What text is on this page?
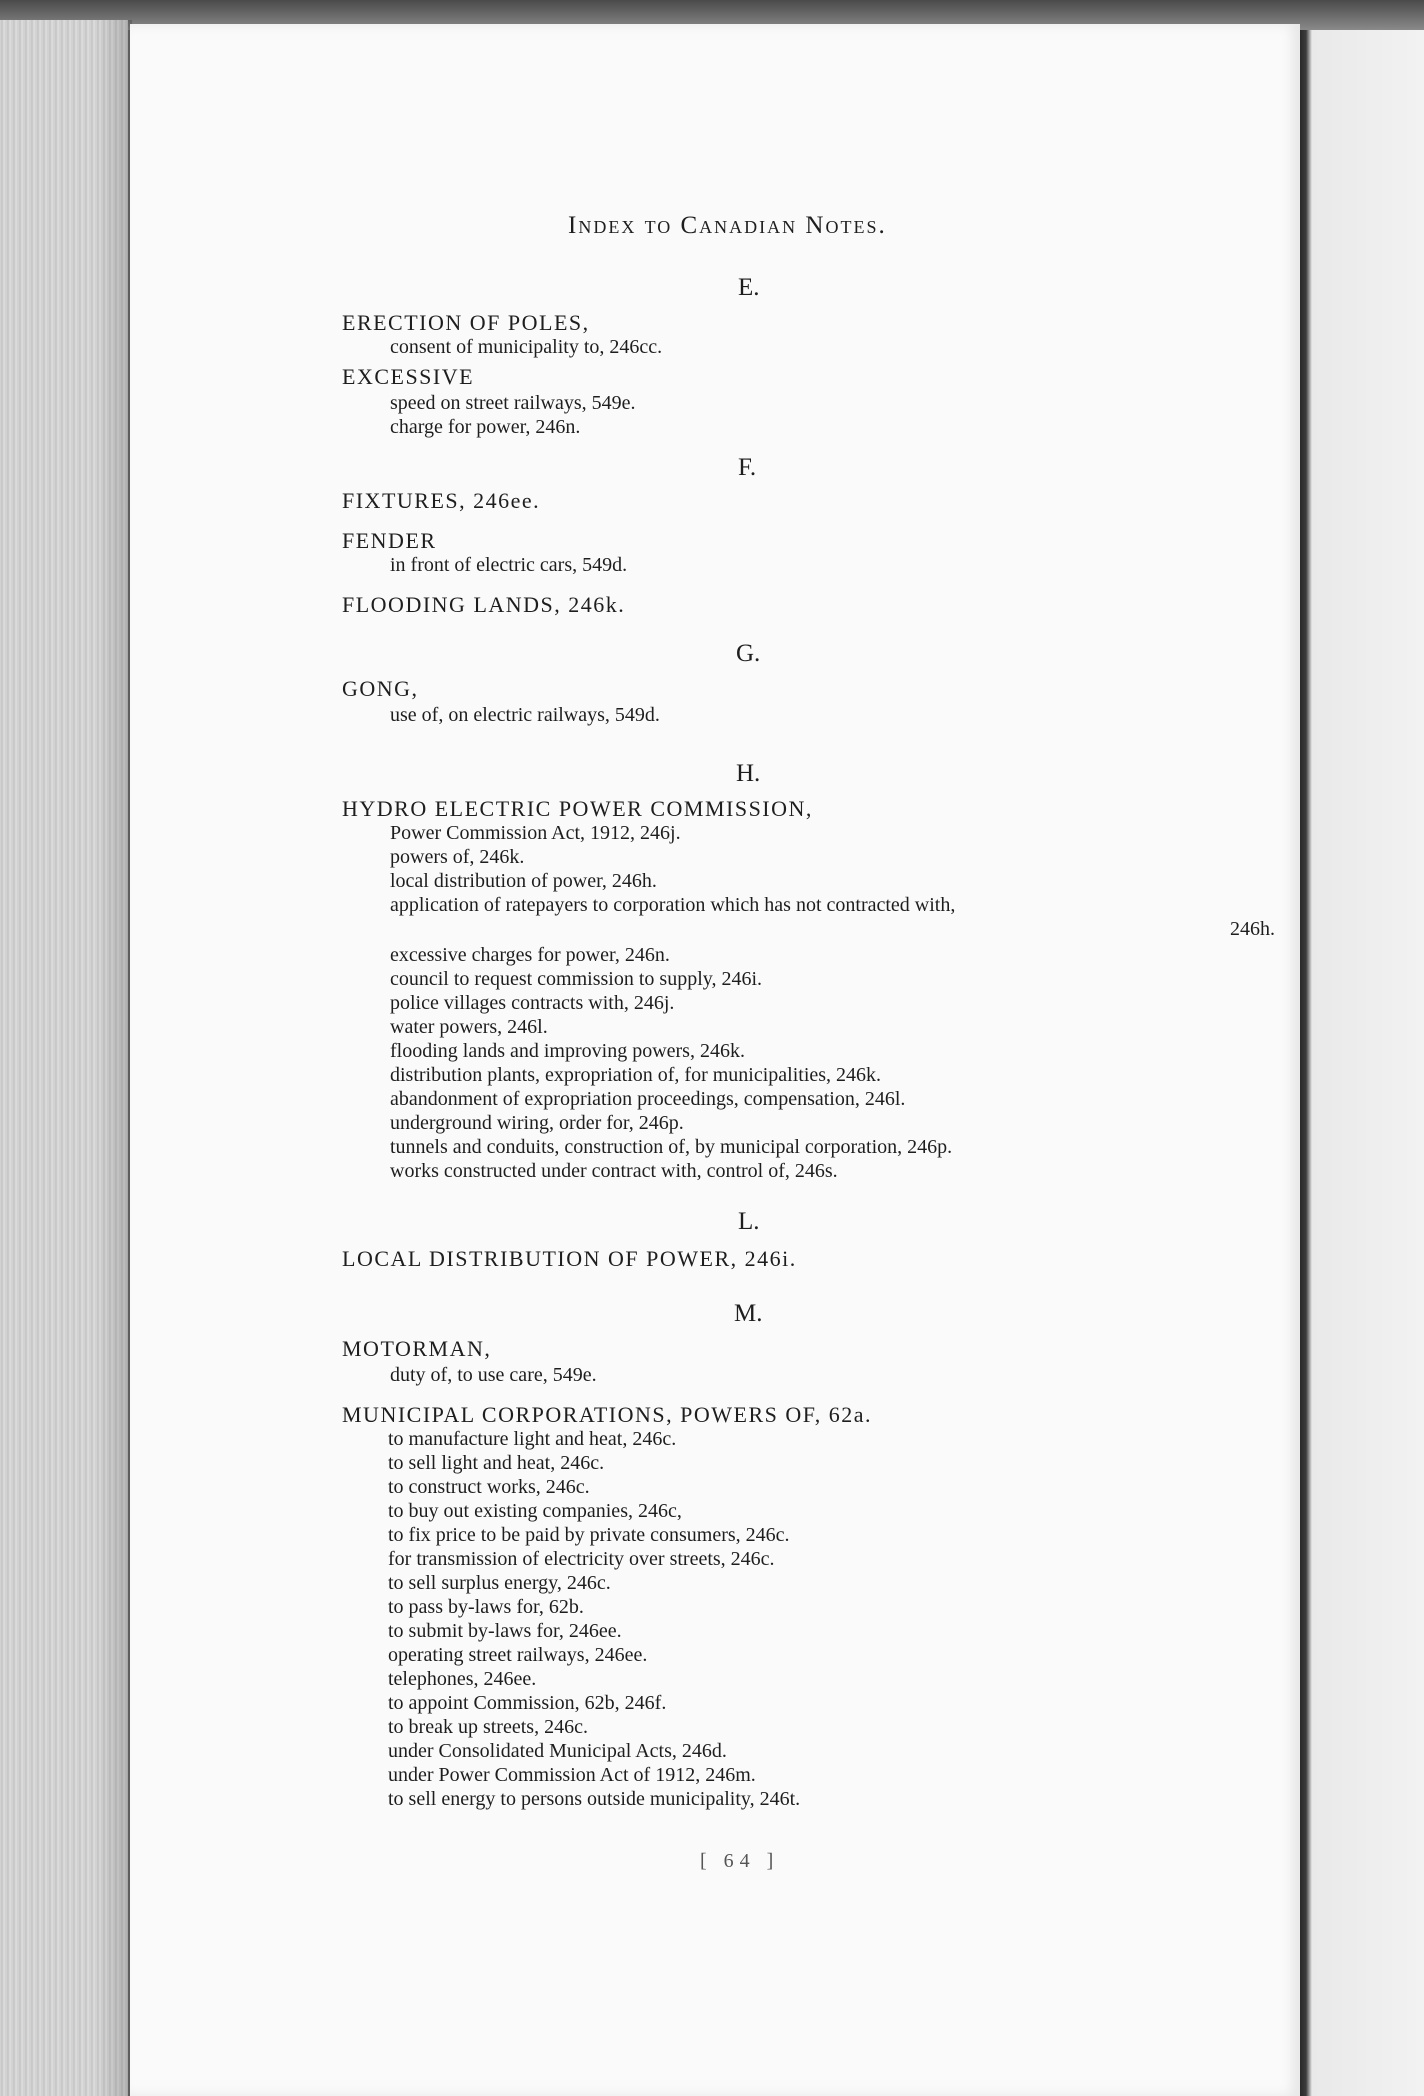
Index to Canadian Notes.
E.
ERECTION OF POLES,
consent of municipality to, 246cc.
EXCESSIVE
speed on street railways, 549e.
charge for power, 246n.
F.
FIXTURES, 246ee.
FENDER
in front of electric cars, 549d.
FLOODING LANDS, 246k.
G.
GONG,
use of, on electric railways, 549d.
H.
HYDRO ELECTRIC POWER COMMISSION,
Power Commission Act, 1912, 246j.
powers of, 246k.
local distribution of power, 246h.
application of ratepayers to corporation which has not contracted with,
246h.
excessive charges for power, 246n.
council to request commission to supply, 246i.
police villages contracts with, 246j.
water powers, 246l.
flooding lands and improving powers, 246k.
distribution plants, expropriation of, for municipalities, 246k.
abandonment of expropriation proceedings, compensation, 246l.
underground wiring, order for, 246p.
tunnels and conduits, construction of, by municipal corporation, 246p.
works constructed under contract with, control of, 246s.
L.
LOCAL DISTRIBUTION OF POWER, 246i.
M.
MOTORMAN,
duty of, to use care, 549e.
MUNICIPAL CORPORATIONS, POWERS OF, 62a.
to manufacture light and heat, 246c.
to sell light and heat, 246c.
to construct works, 246c.
to buy out existing companies, 246c,
to fix price to be paid by private consumers, 246c.
for transmission of electricity over streets, 246c.
to sell surplus energy, 246c.
to pass by-laws for, 62b.
to submit by-laws for, 246ee.
operating street railways, 246ee.
telephones, 246ee.
to appoint Commission, 62b, 246f.
to break up streets, 246c.
under Consolidated Municipal Acts, 246d.
under Power Commission Act of 1912, 246m.
to sell energy to persons outside municipality, 246t.
[ 64 ]
